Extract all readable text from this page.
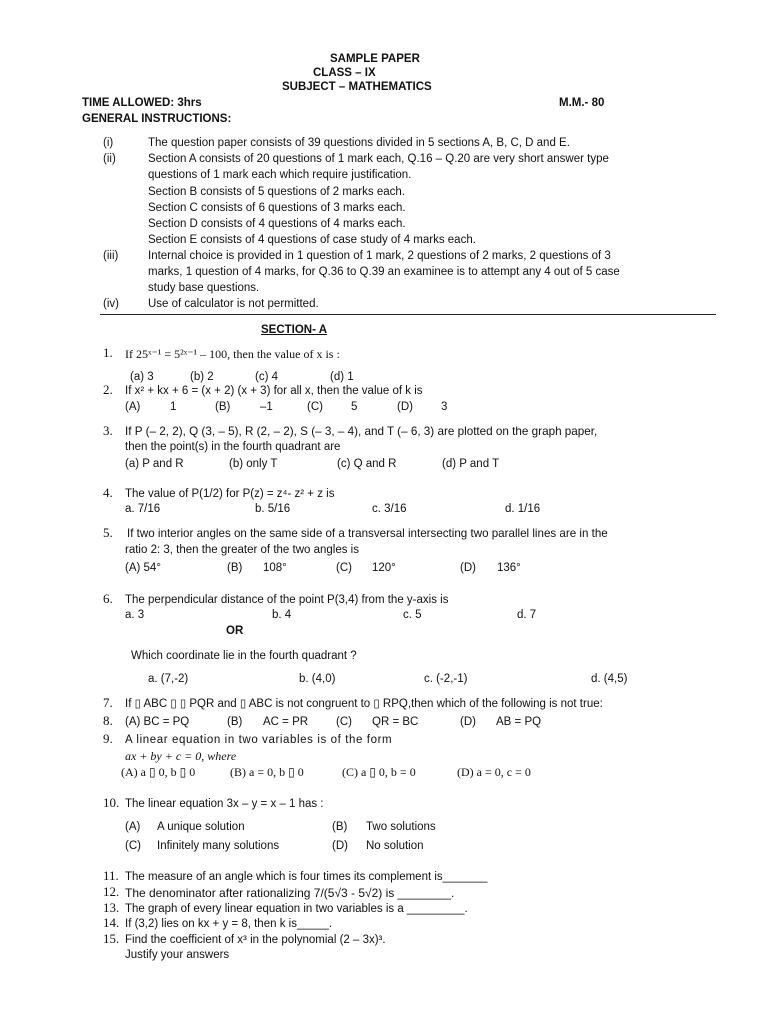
SAMPLE PAPER
CLASS – IX
SUBJECT – MATHEMATICS
TIME ALLOWED: 3hrs	M.M.- 80
GENERAL INSTRUCTIONS:
(i)	The question paper consists of 39 questions divided in 5 sections A, B, C, D and E.
(ii)	Section A consists of 20 questions of 1 mark each, Q.16 – Q.20 are very short answer type
questions of 1 mark each which require justification.
Section B consists of 5 questions of 2 marks each.
Section C consists of 6 questions of 3 marks each.
Section D consists of 4 questions of 4 marks each.
Section E consists of 4 questions of case study of 4 marks each.
(iii)	Internal choice is provided in 1 question of 1 mark, 2 questions of 2 marks, 2 questions of 3
marks, 1 question of 4 marks, for Q.36 to Q.39 an examinee is to attempt any 4 out of 5 case
study base questions.
(iv)	Use of calculator is not permitted.
SECTION- A
1. If 25ˣ⁻¹ = 5²ˣ⁻¹ – 100, then the value of x is :
(a) 3	(b) 2	(c) 4	(d) 1
2. If x² + kx + 6 = (x + 2) (x + 3) for all x, then the value of k is
(A)	1	(B)	–1	(C) 5	(D) 3
3. If P (– 2, 2), Q (3, – 5), R (2, – 2), S (– 3, – 4), and T (– 6, 3) are plotted on the graph paper,
then the point(s) in the fourth quadrant are
(a) P and R	(b) only T	(c) Q and R	(d) P and T
4. The value of P(1/2) for P(z) = z⁴- z² + z is
a. 7/16	b. 5/16	c. 3/16	d. 1/16
5. If two interior angles on the same side of a transversal intersecting two parallel lines are in the
ratio 2: 3, then the greater of the two angles is
(A) 54°	(B) 108°	(C) 120°	(D) 136°
6. The perpendicular distance of the point P(3,4) from the y-axis is
a. 3	b. 4	c. 5	d. 7
OR
Which coordinate lie in the fourth quadrant ?
a. (7,-2)	b. (4,0)	c. (-2,-1)	d. (4,5)
7. If ▯ ABC ▯ ▯ PQR and ▯ ABC is not congruent to ▯ RPQ,then which of the following is not true:
8. (A) BC = PQ	(B) AC = PR (C) QR = BC	(D) AB = PQ
9. A linear equation in two variables is of the form
ax + by + c = 0, where
(A) a ▯ 0, b ▯ 0	(B) a = 0, b ▯ 0	(C) a ▯ 0, b = 0	(D) a = 0, c = 0
10. The linear equation 3x – y = x – 1 has :
(A) A unique solution	(B) Two solutions
(C) Infinitely many solutions	(D) No solution
11. The measure of an angle which is four times its complement is_______
12. The denominator after rationalizing 7/(5√3 - 5√2) is ________.
13. The graph of every linear equation in two variables is a _________.
14. If (3,2) lies on kx + y = 8, then k is_____.
15. Find the coefficient of x³ in the polynomial (2 – 3x)³.
Justify your answers
